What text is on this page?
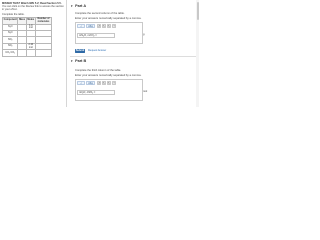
MISSED THIS? Watch IWE 5.2; Read Section 5.5. You can click on the Review link to access the section in your eText.
Complete the table.
Component	Mass	Moles	Number of molecules
N₂O		1.0 mol	
N₂O			
NO₂			
NO₂		2.10 mol	
CO₂ CO₂			
▾ Part A
Complete the second column of the table.
Enter your answers numerically separated by a comma.
√	AΣφ	↺	↻	↻	?
mN₂O, mCO₂ =	g
Submit	Request Answer
▾ Part B
Complete the third column of the table.
Enter your answers numerically separated by a comma.
√	AΣφ	↺	↻	↻	?
nN₂O, nNO₂ =	mol
